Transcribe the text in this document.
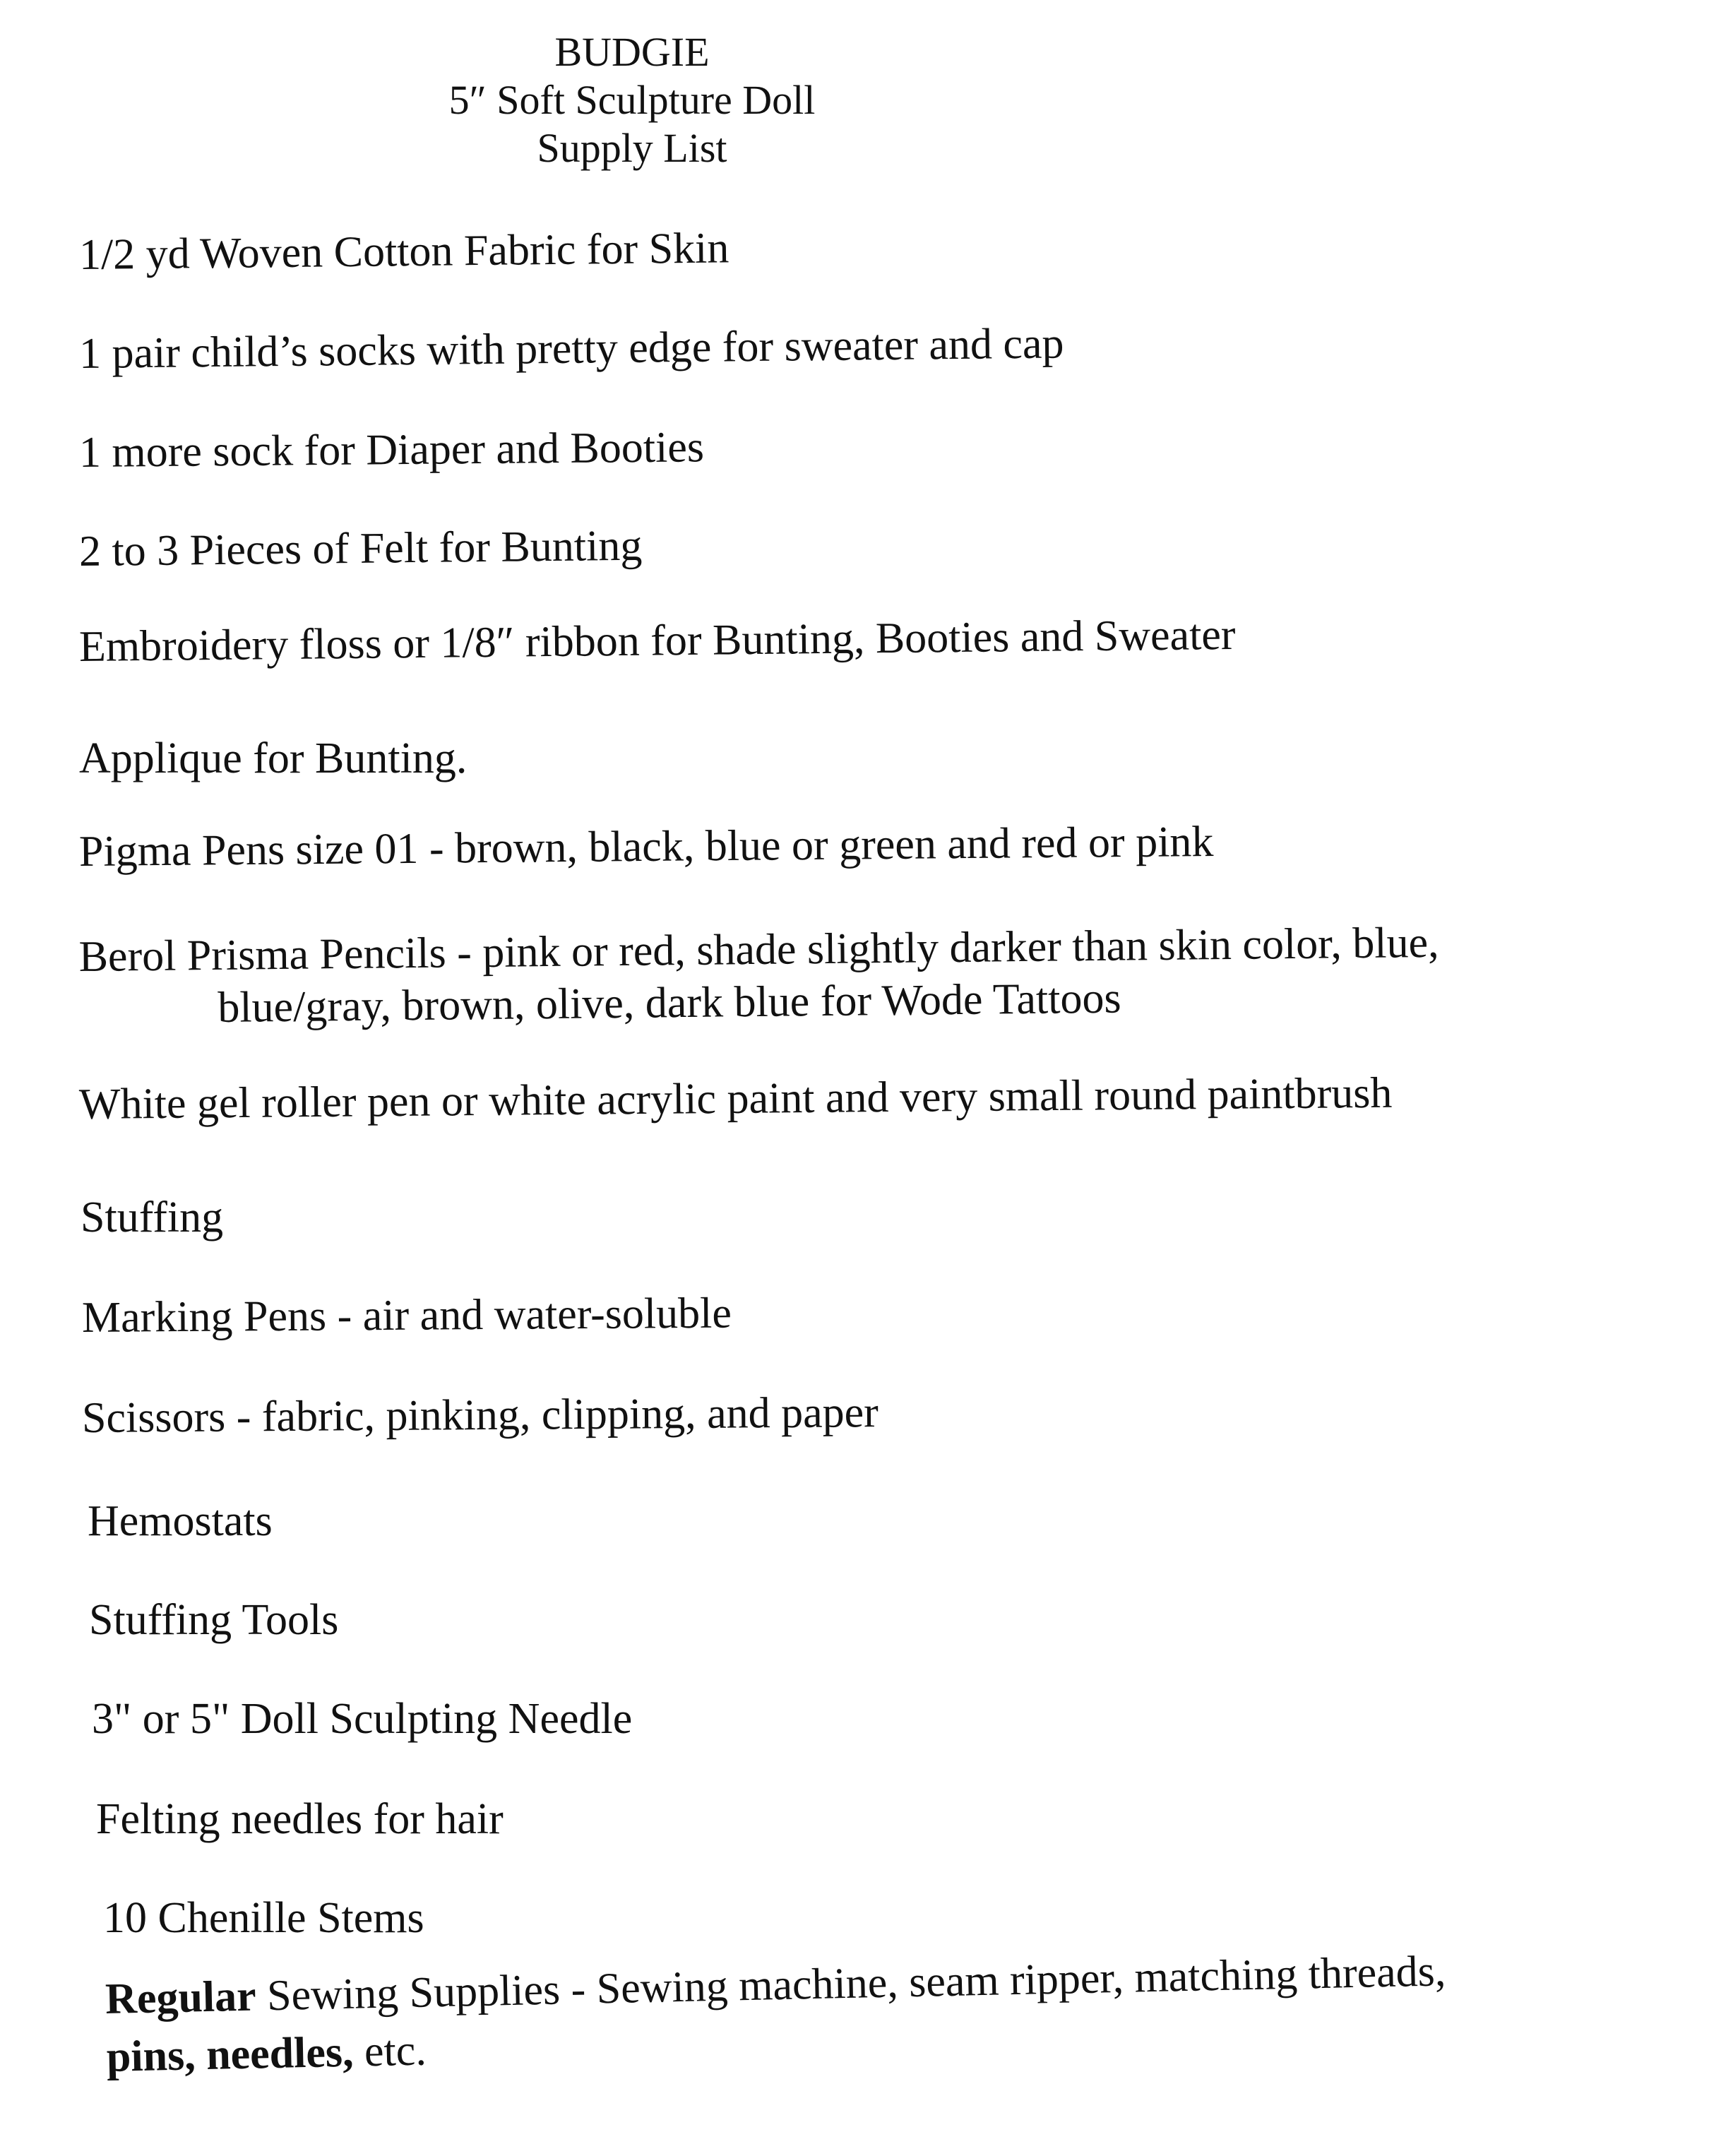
BUDGIE
5″ Soft Sculpture Doll
Supply List
1/2 yd Woven Cotton Fabric for Skin
1 pair child’s socks with pretty edge for sweater and cap
1 more sock for Diaper and Booties
2 to 3 Pieces of Felt for Bunting
Embroidery floss or 1/8″ ribbon for Bunting, Booties and Sweater
Applique for Bunting.
Pigma Pens size 01 - brown, black, blue or green and red or pink
Berol Prisma Pencils - pink or red, shade slightly darker than skin color, blue,
blue/gray, brown, olive, dark blue for Wode Tattoos
White gel roller pen or white acrylic paint and very small round paintbrush
Stuffing
Marking Pens - air and water-soluble
Scissors - fabric, pinking, clipping, and paper
Hemostats
Stuffing Tools
3" or 5" Doll Sculpting Needle
Felting needles for hair
10 Chenille Stems
Regular Sewing Supplies - Sewing machine, seam ripper, matching threads,
pins, needles, etc.
